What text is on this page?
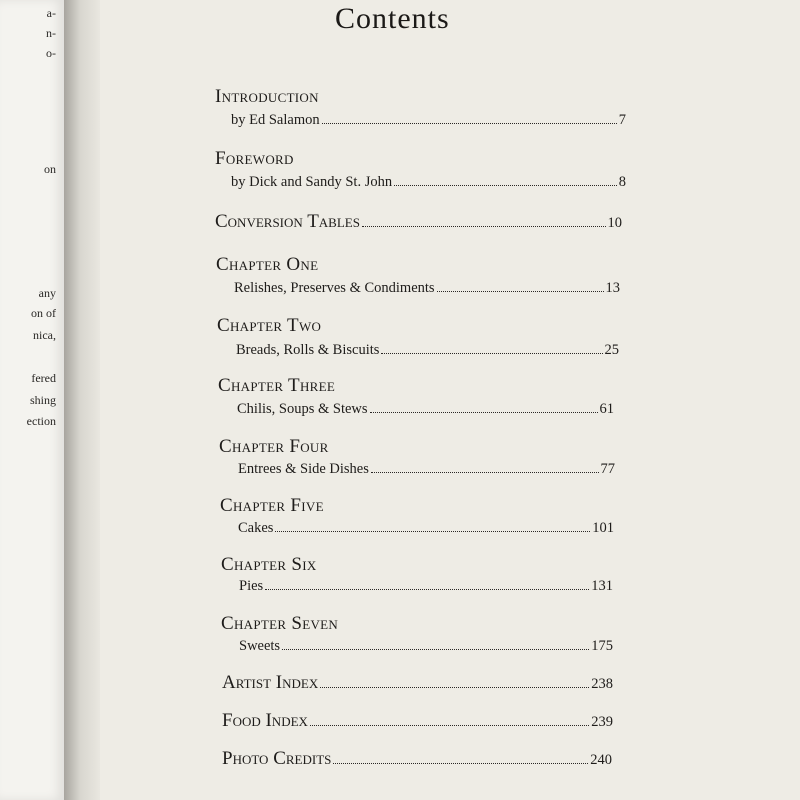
a-
n-
o-
on
any
on of
nica,
fered
shing
ection
Contents
Introduction
by Ed Salamon	7
Foreword
by Dick and Sandy St. John	8
Conversion Tables	10
Chapter One
Relishes, Preserves & Condiments	13
Chapter Two
Breads, Rolls & Biscuits	25
Chapter Three
Chilis, Soups & Stews	61
Chapter Four
Entrees & Side Dishes	77
Chapter Five
Cakes	101
Chapter Six
Pies	131
Chapter Seven
Sweets	175
Artist Index	238
Food Index	239
Photo Credits	240
